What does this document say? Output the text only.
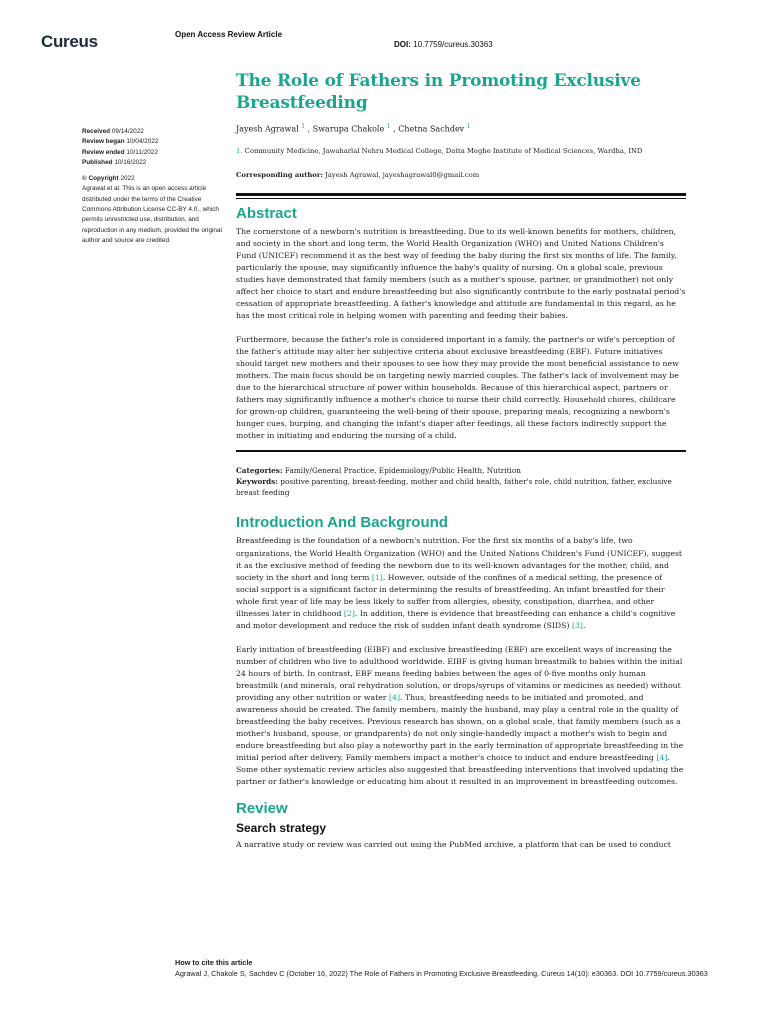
Cureus	Open Access Review Article
DOI: 10.7759/cureus.30363
Received 09/14/2022
Review began 10/04/2022
Review ended 10/11/2022
Published 10/16/2022
© Copyright 2022
Agrawal et al. This is an open access article distributed under the terms of the Creative Commons Attribution License CC-BY 4.0., which permits unrestricted use, distribution, and reproduction in any medium, provided the original author and source are credited.
The Role of Fathers in Promoting Exclusive Breastfeeding
Jayesh Agrawal $^1$ , Swarupa Chakole $^1$ , Chetna Sachdev $^1$
1. Community Medicine, Jawaharlal Nehru Medical College, Datta Meghe Institute of Medical Sciences, Wardha, IND
Corresponding author: Jayesh Agrawal, jayeshagrawal0@gmail.com
Abstract

The cornerstone of a newborn's nutrition is breastfeeding. Due to its well-known benefits for mothers, children, and society in the short and long term, the World Health Organization (WHO) and United Nations Children's Fund (UNICEF) recommend it as the best way of feeding the baby during the first six months of life. The family, particularly the spouse, may significantly influence the baby's quality of nursing. On a global scale, previous studies have demonstrated that family members (such as a mother's spouse, partner, or grandmother) not only affect her choice to start and endure breastfeeding but also significantly contribute to the early postnatal period's cessation of appropriate breastfeeding. A father's knowledge and attitude are fundamental in this regard, as he has the most critical role in helping women with parenting and feeding their babies.

Furthermore, because the father's role is considered important in a family, the partner's or wife's perception of the father's attitude may alter her subjective criteria about exclusive breastfeeding (EBF). Future initiatives should target new mothers and their spouses to see how they may provide the most beneficial assistance to new mothers. The main focus should be on targeting newly married couples. The father's lack of involvement may be due to the hierarchical structure of power within households. Because of this hierarchical aspect, partners or fathers may significantly influence a mother's choice to nurse their child correctly. Household chores, childcare for grown-up children, guaranteeing the well-being of their spouse, preparing meals, recognizing a newborn's hunger cues, burping, and changing the infant's diaper after feedings, all these factors indirectly support the mother in initiating and enduring the nursing of a child.

Categories: Family/General Practice, Epidemiology/Public Health, Nutrition
Keywords: positive parenting, breast-feeding, mother and child health, father's role, child nutrition, father, exclusive breast feeding
Introduction And Background

Breastfeeding is the foundation of a newborn's nutrition. For the first six months of a baby's life, two organizations, the World Health Organization (WHO) and the United Nations Children's Fund (UNICEF), suggest it as the exclusive method of feeding the newborn due to its well-known advantages for the mother, child, and society in the short and long term [1]. However, outside of the confines of a medical setting, the presence of social support is a significant factor in determining the results of breastfeeding. An infant breastfed for their whole first year of life may be less likely to suffer from allergies, obesity, constipation, diarrhea, and other illnesses later in childhood [2]. In addition, there is evidence that breastfeeding can enhance a child's cognitive and motor development and reduce the risk of sudden infant death syndrome (SIDS) [3].

Early initiation of breastfeeding (EIBF) and exclusive breastfeeding (EBF) are excellent ways of increasing the number of children who live to adulthood worldwide. EIBF is giving human breastmilk to babies within the initial 24 hours of birth. In contrast, EBF means feeding babies between the ages of 0-five months only human breastmilk (and minerals, oral rehydration solution, or drops/syrups of vitamins or medicines as needed) without providing any other nutrition or water [4]. Thus, breastfeeding needs to be initiated and promoted, and awareness should be created. The family members, mainly the husband, may play a central role in the quality of breastfeeding the baby receives. Previous research has shown, on a global scale, that family members (such as a mother's husband, spouse, or grandparents) do not only single-handedly impact a mother's wish to begin and endure breastfeeding but also play a noteworthy part in the early termination of appropriate breastfeeding in the initial period after delivery. Family members impact a mother's choice to induct and endure breastfeeding [4]. Some other systematic review articles also suggested that breastfeeding interventions that involved updating the partner or father's knowledge or educating him about it resulted in an improvement in breastfeeding outcomes.

Review
Search strategy

A narrative study or review was carried out using the PubMed archive, a platform that can be used to conduct

How to cite this article
Agrawal J, Chakole S, Sachdev C (October 16, 2022) The Role of Fathers in Promoting Exclusive Breastfeeding. Cureus 14(10): e30363. DOI 10.7759/cureus.30363
